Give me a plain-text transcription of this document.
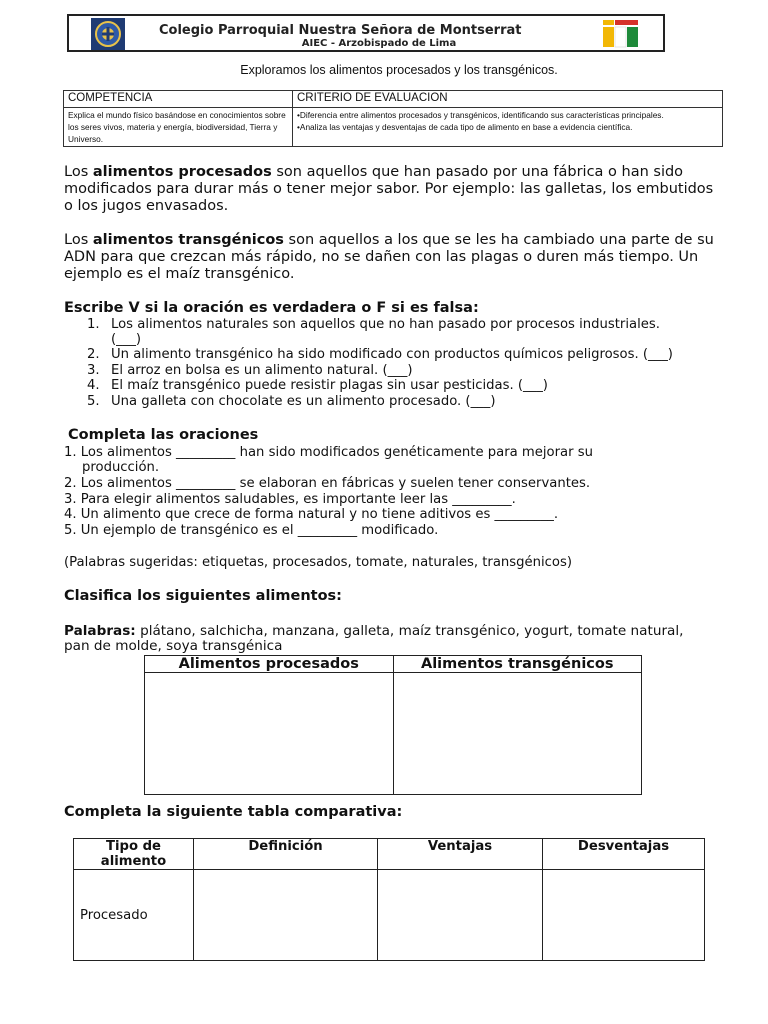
Colegio Parroquial Nuestra Señora de Montserrat
AIEC - Arzobispado de Lima
Exploramos los alimentos procesados y los transgénicos.
COMPETENCIA	CRITERIO DE EVALUACION
Explica el mundo físico basándose en conocimientos sobre los seres vivos, materia y energía, biodiversidad, Tierra y Universo.	•Diferencia entre alimentos procesados y transgénicos, identificando sus características principales.
•Analiza las ventajas y desventajas de cada tipo de alimento en base a evidencia científica.
Los alimentos procesados son aquellos que han pasado por una fábrica o han sido modificados para durar más o tener mejor sabor. Por ejemplo: las galletas, los embutidos o los jugos envasados.
Los alimentos transgénicos son aquellos a los que se les ha cambiado una parte de su ADN para que crezcan más rápido, no se dañen con las plagas o duren más tiempo. Un ejemplo es el maíz transgénico.
Escribe V si la oración es verdadera o F si es falsa:
1. Los alimentos naturales son aquellos que no han pasado por procesos industriales.
(___)
2. Un alimento transgénico ha sido modificado con productos químicos peligrosos. (___)
3. El arroz en bolsa es un alimento natural. (___)
4. El maíz transgénico puede resistir plagas sin usar pesticidas. (___)
5. Una galleta con chocolate es un alimento procesado. (___)
Completa las oraciones
1. Los alimentos _________ han sido modificados genéticamente para mejorar su
producción.
2. Los alimentos _________ se elaboran en fábricas y suelen tener conservantes.
3. Para elegir alimentos saludables, es importante leer las _________.
4. Un alimento que crece de forma natural y no tiene aditivos es _________.
5. Un ejemplo de transgénico es el _________ modificado.
(Palabras sugeridas: etiquetas, procesados, tomate, naturales, transgénicos)
Palabras: plátano, salchicha, manzana, galleta, maíz transgénico, yogurt, tomate natural,
pan de molde, soya transgénica
Clasifica los siguientes alimentos:
Alimentos procesados	Alimentos transgénicos

Completa la siguiente tabla comparativa:
Tipo de alimento	Definición	Ventajas	Desventajas
Procesado			
